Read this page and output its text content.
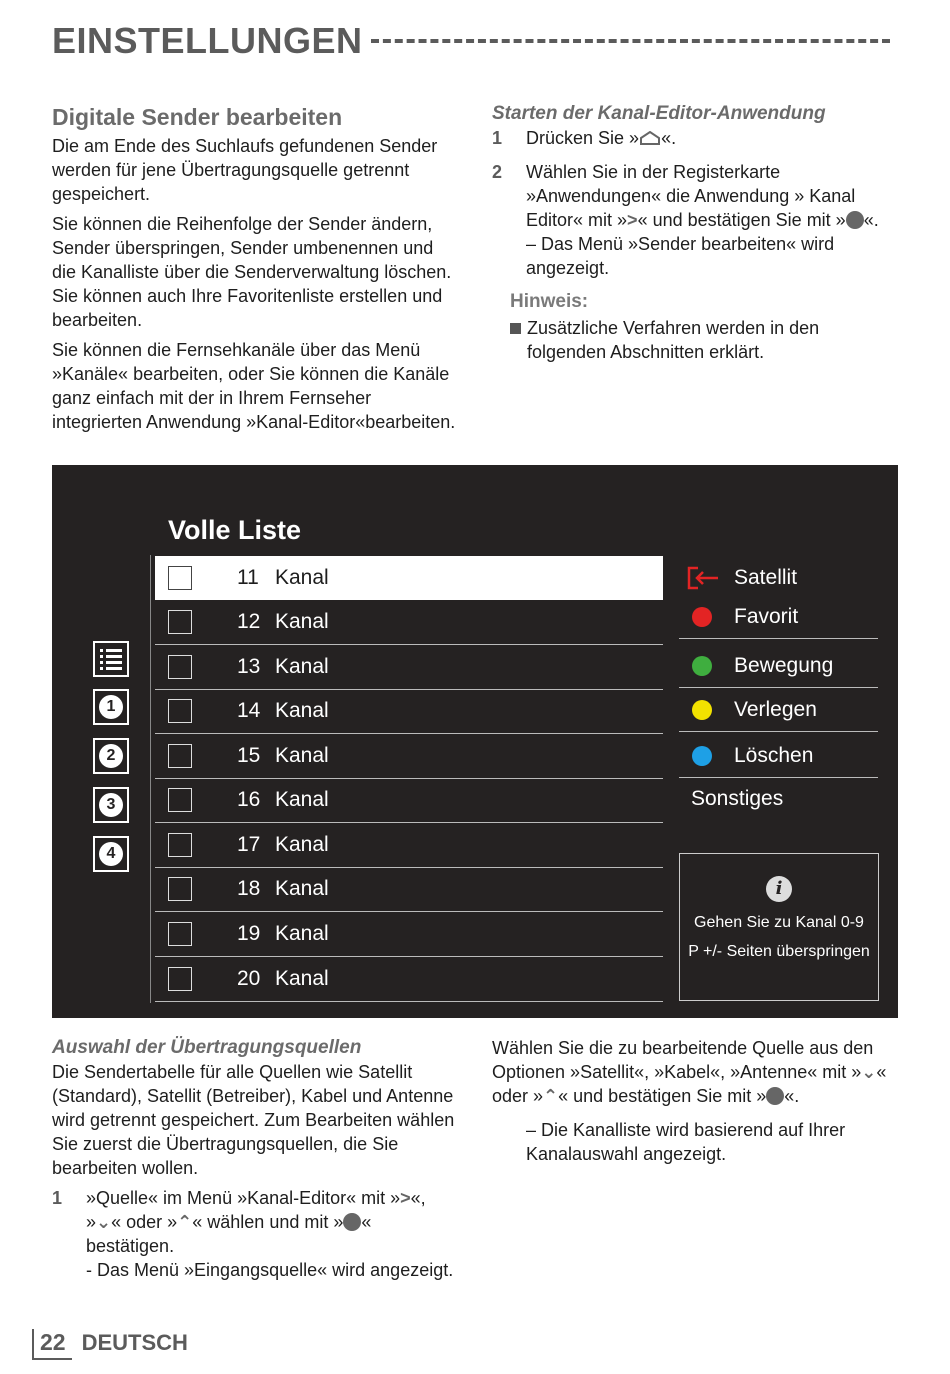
EINSTELLUNGEN
Digitale Sender bearbeiten

Die am Ende des Suchlaufs gefundenen Sender werden für jene Übertragungsquelle getrennt gespeichert.

Sie können die Reihenfolge der Sender ändern, Sender überspringen, Sender umbenennen und die Kanalliste über die Senderverwaltung löschen. Sie können auch Ihre Favoritenliste erstellen und bearbeiten.

Sie können die Fernsehkanäle über das Menü »Kanäle« bearbeiten, oder Sie können die Kanäle ganz einfach mit der in Ihrem Fernseher integrierten Anwendung »Kanal-Editor«bearbeiten.

Starten der Kanal-Editor-Anwendung
1	Drücken Sie » «.
2	Wählen Sie in der Registerkarte »Anwendungen« die Anwendung » Kanal Editor« mit »>« und bestätigen Sie mit » «.
– Das Menü »Sender bearbeiten« wird angezeigt.
Hinweis:
Zusätzliche Verfahren werden in den folgenden Abschnitten erklärt.
Volle Liste
1
2
3
4
11 Kanal
12 Kanal
13 Kanal
14 Kanal
15 Kanal
16 Kanal
17 Kanal
18 Kanal
19 Kanal
20 Kanal
Satellit
Favorit
Bewegung
Verlegen
Löschen
Sonstiges
i
Gehen Sie zu Kanal 0-9
P +/- Seiten überspringen
Auswahl der Übertragungsquellen

Die Sendertabelle für alle Quellen wie Satellit (Standard), Satellit (Betreiber), Kabel und Antenne wird getrennt gespeichert. Zum Bearbeiten wählen Sie zuerst die Übertragungsquellen, die Sie bearbeiten wollen.

1	»Quelle« im Menü »Kanal-Editor« mit »>«, »⌄« oder »⌃« wählen und mit » « bestätigen.
- Das Menü »Eingangsquelle« wird angezeigt.

Wählen Sie die zu bearbeitende Quelle aus den Optionen »Satellit«, »Kabel«, »Antenne« mit »⌄« oder »⌃« und bestätigen Sie mit » «.

– Die Kanalliste wird basierend auf Ihrer Kanalauswahl angezeigt.

22 DEUTSCH
